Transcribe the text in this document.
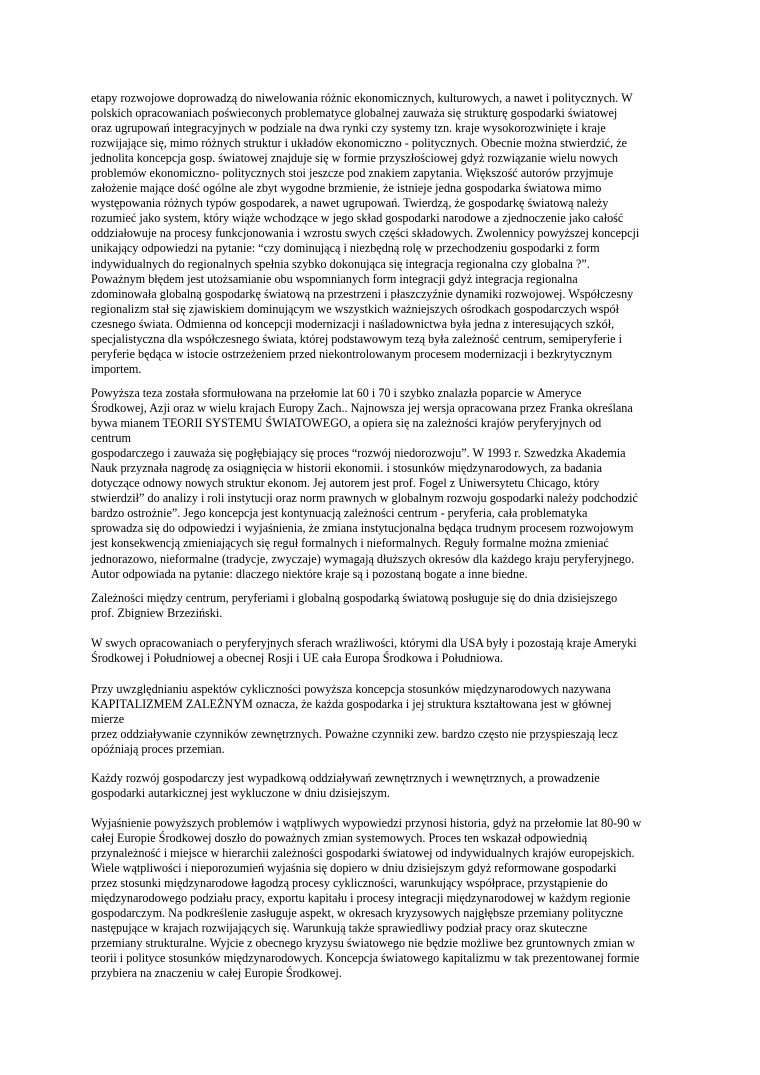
etapy rozwojowe doprowadzą do niwelowania różnic ekonomicznych, kulturowych, a nawet i politycznych. W
polskich opracowaniach poświeconych problematyce globalnej zauważa się strukturę gospodarki światowej
oraz ugrupowań integracyjnych w podziale na dwa rynki czy systemy tzn. kraje wysokorozwinięte i kraje
rozwijające się, mimo różnych struktur i układów ekonomiczno - politycznych. Obecnie można stwierdzić, że
jednolita koncepcja gosp. światowej znajduje się w formie przyszłościowej gdyż rozwiązanie wielu nowych
problemów ekonomiczno- politycznych stoi jeszcze pod znakiem zapytania. Większość autorów przyjmuje
założenie mające dość ogólne ale zbyt wygodne brzmienie, że istnieje jedna gospodarka światowa mimo
występowania różnych typów gospodarek, a nawet ugrupowań. Twierdzą, że gospodarkę światową należy
rozumieć jako system, który wiąże wchodzące w jego skład gospodarki narodowe a zjednoczenie jako całość
oddziałowuje na procesy funkcjonowania i wzrostu swych części składowych. Zwolennicy powyższej koncepcji
unikający odpowiedzi na pytanie: “czy dominującą i niezbędną rolę w przechodzeniu gospodarki z form
indywidualnych do regionalnych spełnia szybko dokonująca się integracja regionalna czy globalna ?”.
Poważnym błędem jest utożsamianie obu wspomnianych form integracji gdyż integracja regionalna
zdominowała globalną gospodarkę światową na przestrzeni i płaszczyźnie dynamiki rozwojowej. Współczesny
regionalizm stał się zjawiskiem dominującym we wszystkich ważniejszych ośrodkach gospodarczych współ
czesnego świata. Odmienna od koncepcji modernizacji i naśladownictwa była jedna z interesujących szkół,
specjalistyczna dla współczesnego świata, której podstawowym tezą była zależność centrum, semiperyferie i
peryferie będąca w istocie ostrzeżeniem przed niekontrolowanym procesem modernizacji i bezkrytycznym
importem.
Powyższa teza została sformułowana na przełomie lat 60 i 70 i szybko znalazła poparcie w Ameryce
Środkowej, Azji oraz w wielu krajach Europy Zach.. Najnowsza jej wersja opracowana przez Franka określana
bywa mianem TEORII SYSTEMU ŚWIATOWEGO, a opiera się na zależności krajów peryferyjnych od
centrum
gospodarczego i zauważa się pogłębiający się proces “rozwój niedorozwoju”. W 1993 r. Szwedzka Akademia
Nauk przyznała nagrodę za osiągnięcia w historii ekonomii. i stosunków międzynarodowych, za badania
dotyczące odnowy nowych struktur ekonom. Jej autorem jest prof. Fogel z Uniwersytetu Chicago, który
stwierdził” do analizy i roli instytucji oraz norm prawnych w globalnym rozwoju gospodarki należy podchodzić
bardzo ostrożnie”. Jego koncepcja jest kontynuacją zależności centrum - peryferia, cała problematyka
sprowadza się do odpowiedzi i wyjaśnienia, że zmiana instytucjonalna będąca trudnym procesem rozwojowym
jest konsekwencją zmieniających się reguł formalnych i nieformalnych. Reguły formalne można zmieniać
jednorazowo, nieformalne (tradycje, zwyczaje) wymagają dłuższych okresów dla każdego kraju peryferyjnego.
Autor odpowiada na pytanie: dlaczego niektóre kraje są i pozostaną bogate a inne biedne.
Zależności między centrum, peryferiami i globalną gospodarką światową posługuje się do dnia dzisiejszego
prof. Zbigniew Brzeziński.
W swych opracowaniach o peryferyjnych sferach wrażliwości, którymi dla USA były i pozostają kraje Ameryki
Środkowej i Południowej a obecnej Rosji i UE cała Europa Środkowa i Południowa.
Przy uwzględnianiu aspektów cykliczności powyższa koncepcja stosunków międzynarodowych nazywana
KAPITALIZMEM ZALEŻNYM oznacza, że każda gospodarka i jej struktura kształtowana jest w głównej
mierze
przez oddziaływanie czynników zewnętrznych. Poważne czynniki zew. bardzo często nie przyspieszają lecz
opóźniają proces przemian.
Każdy rozwój gospodarczy jest wypadkową oddziaływań zewnętrznych i wewnętrznych, a prowadzenie
gospodarki autarkicznej jest wykluczone w dniu dzisiejszym.
Wyjaśnienie powyższych problemów i wątpliwych wypowiedzi przynosi historia, gdyż na przełomie lat 80-90 w
całej Europie Środkowej doszło do poważnych zmian systemowych. Proces ten wskazał odpowiednią
przynależność i miejsce w hierarchii zależności gospodarki światowej od indywidualnych krajów europejskich.
Wiele wątpliwości i nieporozumień wyjaśnia się dopiero w dniu dzisiejszym gdyż reformowane gospodarki
przez stosunki międzynarodowe łagodzą procesy cykliczności, warunkujący współprace, przystąpienie do
międzynarodowego podziału pracy, exportu kapitału i procesy integracji międzynarodowej w każdym regionie
gospodarczym. Na podkreślenie zasługuje aspekt, w okresach kryzysowych najgłębsze przemiany polityczne
następujące w krajach rozwijających się. Warunkują także sprawiedliwy podział pracy oraz skuteczne
przemiany strukturalne. Wyjcie z obecnego kryzysu światowego nie będzie możliwe bez gruntownych zmian w
teorii i polityce stosunków międzynarodowych. Koncepcja światowego kapitalizmu w tak prezentowanej formie
przybiera na znaczeniu w całej Europie Środkowej.
